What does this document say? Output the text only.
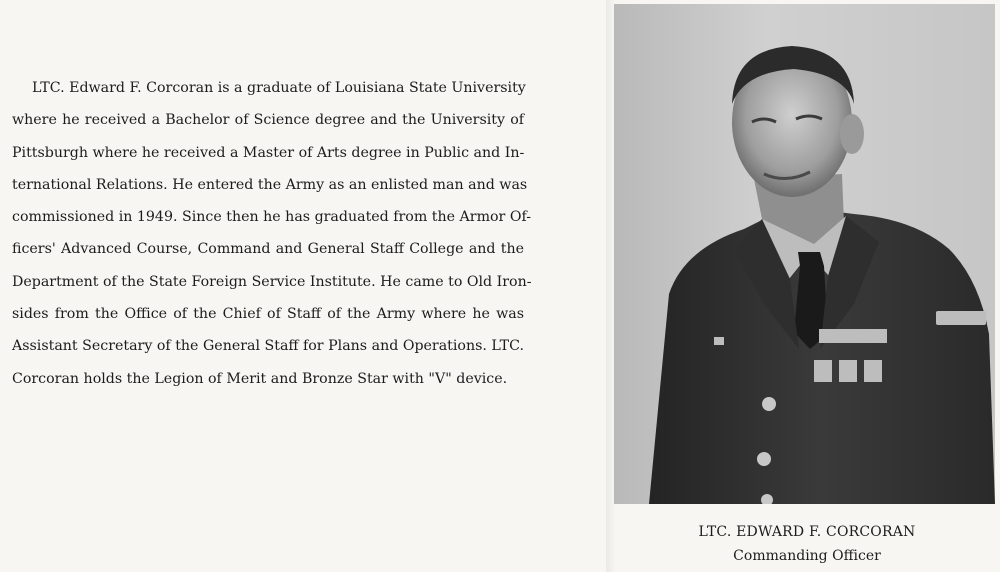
LTC. Edward F. Corcoran is a graduate of Louisiana State University
where he received a Bachelor of Science degree and the University of
Pittsburgh where he received a Master of Arts degree in Public and In-
ternational Relations. He entered the Army as an enlisted man and was
commissioned in 1949. Since then he has graduated from the Armor Of-
ficers' Advanced Course, Command and General Staff College and the
Department of the State Foreign Service Institute. He came to Old Iron-
sides from the Office of the Chief of Staff of the Army where he was
Assistant Secretary of the General Staff for Plans and Operations. LTC.
Corcoran holds the Legion of Merit and Bronze Star with "V" device.
LTC. EDWARD F. CORCORAN
Commanding Officer
